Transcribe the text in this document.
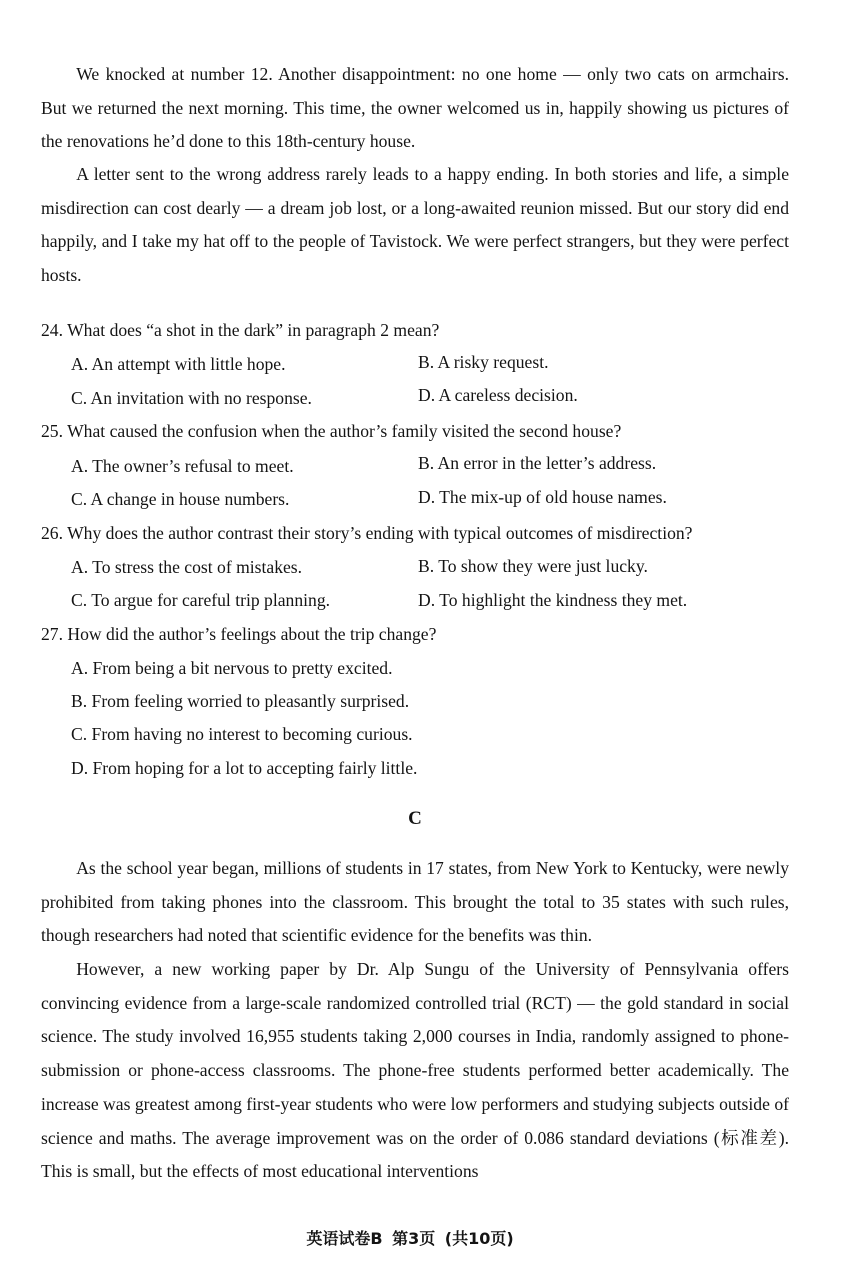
We knocked at number 12. Another disappointment: no one home — only two cats on armchairs. But we returned the next morning. This time, the owner welcomed us in, happily showing us pictures of the renovations he’d done to this 18th-century house.

A letter sent to the wrong address rarely leads to a happy ending. In both stories and life, a simple misdirection can cost dearly — a dream job lost, or a long-awaited reunion missed. But our story did end happily, and I take my hat off to the people of Tavistock. We were perfect strangers, but they were perfect hosts.

24. What does “a shot in the dark” in paragraph 2 mean?

A. An attempt with little hope.	B. A risky request.

C. An invitation with no response.	D. A careless decision.

25. What caused the confusion when the author’s family visited the second house?

A. The owner’s refusal to meet.	B. An error in the letter’s address.

C. A change in house numbers.	D. The mix-up of old house names.

26. Why does the author contrast their story’s ending with typical outcomes of misdirection?

A. To stress the cost of mistakes.	B. To show they were just lucky.

C. To argue for careful trip planning.	D. To highlight the kindness they met.

27. How did the author’s feelings about the trip change?

A. From being a bit nervous to pretty excited.

B. From feeling worried to pleasantly surprised.

C. From having no interest to becoming curious.

D. From hoping for a lot to accepting fairly little.

C

As the school year began, millions of students in 17 states, from New York to Kentucky, were newly prohibited from taking phones into the classroom. This brought the total to 35 states with such rules, though researchers had noted that scientific evidence for the benefits was thin.

However, a new working paper by Dr. Alp Sungu of the University of Pennsylvania offers convincing evidence from a large-scale randomized controlled trial (RCT) — the gold standard in social science. The study involved 16,955 students taking 2,000 courses in India, randomly assigned to phone-submission or phone-access classrooms. The phone-free students performed better academically. The increase was greatest among first-year students who were low performers and studying subjects outside of science and maths. The average improvement was on the order of 0.086 standard deviations (标准差). This is small, but the effects of most educational interventions

英语试卷B 第3页 (共10页)
